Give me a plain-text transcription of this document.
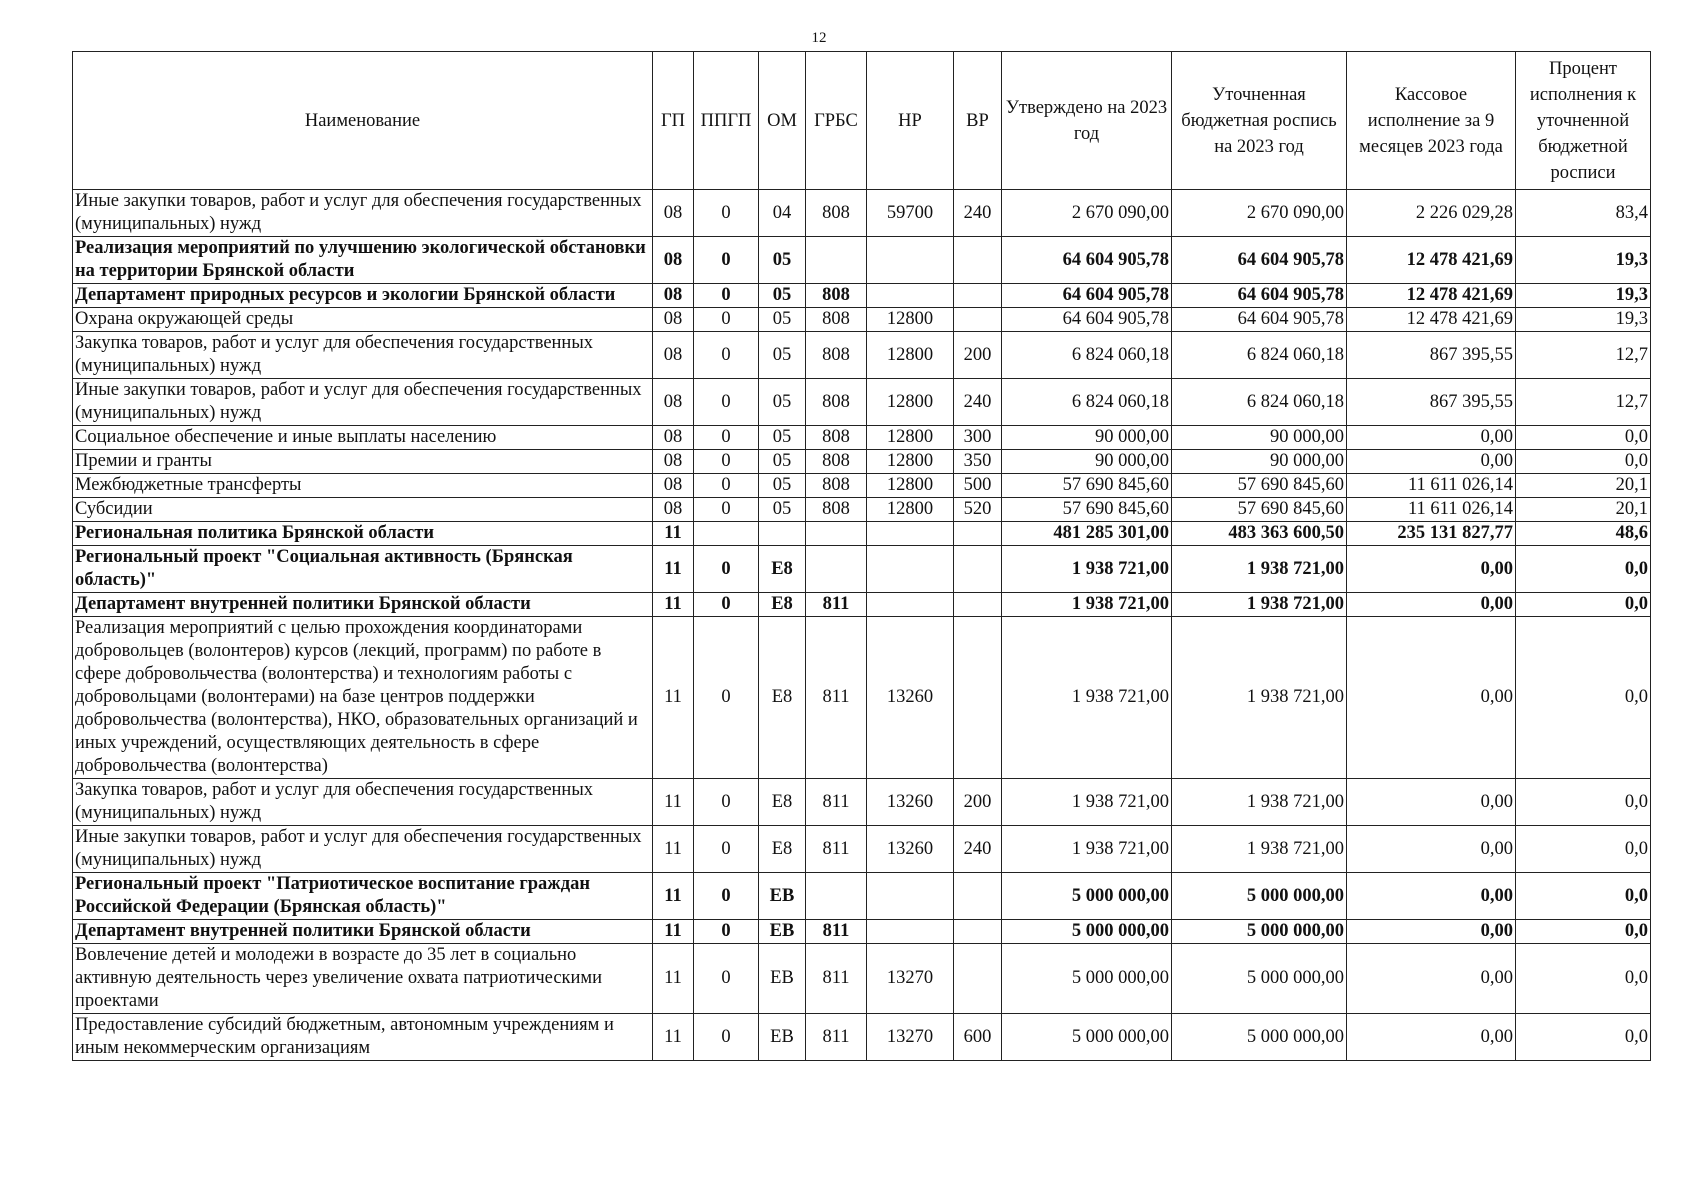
12
Наименование	ГП	ППГП	ОМ	ГРБС	НР	ВР	Утверждено на 2023 год	Уточненная бюджетная роспись на 2023 год	Кассовое исполнение за 9 месяцев 2023 года	Процент исполнения к уточненной бюджетной росписи
Иные закупки товаров, работ и услуг для обеспечения государственных (муниципальных) нужд	08	0	04	808	59700	240	2 670 090,00	2 670 090,00	2 226 029,28	83,4
Реализация мероприятий по улучшению экологической обстановки на территории Брянской области	08	0	05				64 604 905,78	64 604 905,78	12 478 421,69	19,3
Департамент природных ресурсов и экологии Брянской области	08	0	05	808			64 604 905,78	64 604 905,78	12 478 421,69	19,3
Охрана окружающей среды	08	0	05	808	12800		64 604 905,78	64 604 905,78	12 478 421,69	19,3
Закупка товаров, работ и услуг для обеспечения государственных (муниципальных) нужд	08	0	05	808	12800	200	6 824 060,18	6 824 060,18	867 395,55	12,7
Иные закупки товаров, работ и услуг для обеспечения государственных (муниципальных) нужд	08	0	05	808	12800	240	6 824 060,18	6 824 060,18	867 395,55	12,7
Социальное обеспечение и иные выплаты населению	08	0	05	808	12800	300	90 000,00	90 000,00	0,00	0,0
Премии и гранты	08	0	05	808	12800	350	90 000,00	90 000,00	0,00	0,0
Межбюджетные трансферты	08	0	05	808	12800	500	57 690 845,60	57 690 845,60	11 611 026,14	20,1
Субсидии	08	0	05	808	12800	520	57 690 845,60	57 690 845,60	11 611 026,14	20,1
Региональная политика Брянской области	11						481 285 301,00	483 363 600,50	235 131 827,77	48,6
Региональный проект "Социальная активность (Брянская область)"	11	0	E8				1 938 721,00	1 938 721,00	0,00	0,0
Департамент внутренней политики Брянской области	11	0	E8	811			1 938 721,00	1 938 721,00	0,00	0,0
Реализация мероприятий с целью прохождения координаторами добровольцев (волонтеров) курсов (лекций, программ) по работе в сфере добровольчества (волонтерства) и технологиям работы с добровольцами (волонтерами) на базе центров поддержки добровольчества (волонтерства), НКО, образовательных организаций и иных учреждений, осуществляющих деятельность в сфере добровольчества (волонтерства)	11	0	E8	811	13260		1 938 721,00	1 938 721,00	0,00	0,0
Закупка товаров, работ и услуг для обеспечения государственных (муниципальных) нужд	11	0	E8	811	13260	200	1 938 721,00	1 938 721,00	0,00	0,0
Иные закупки товаров, работ и услуг для обеспечения государственных (муниципальных) нужд	11	0	E8	811	13260	240	1 938 721,00	1 938 721,00	0,00	0,0
Региональный проект "Патриотическое воспитание граждан Российской Федерации (Брянская область)"	11	0	EB				5 000 000,00	5 000 000,00	0,00	0,0
Департамент внутренней политики Брянской области	11	0	EB	811			5 000 000,00	5 000 000,00	0,00	0,0
Вовлечение детей и молодежи в возрасте до 35 лет в социально активную деятельность через увеличение охвата патриотическими проектами	11	0	EB	811	13270		5 000 000,00	5 000 000,00	0,00	0,0
Предоставление субсидий бюджетным, автономным учреждениям и иным некоммерческим организациям	11	0	EB	811	13270	600	5 000 000,00	5 000 000,00	0,00	0,0
